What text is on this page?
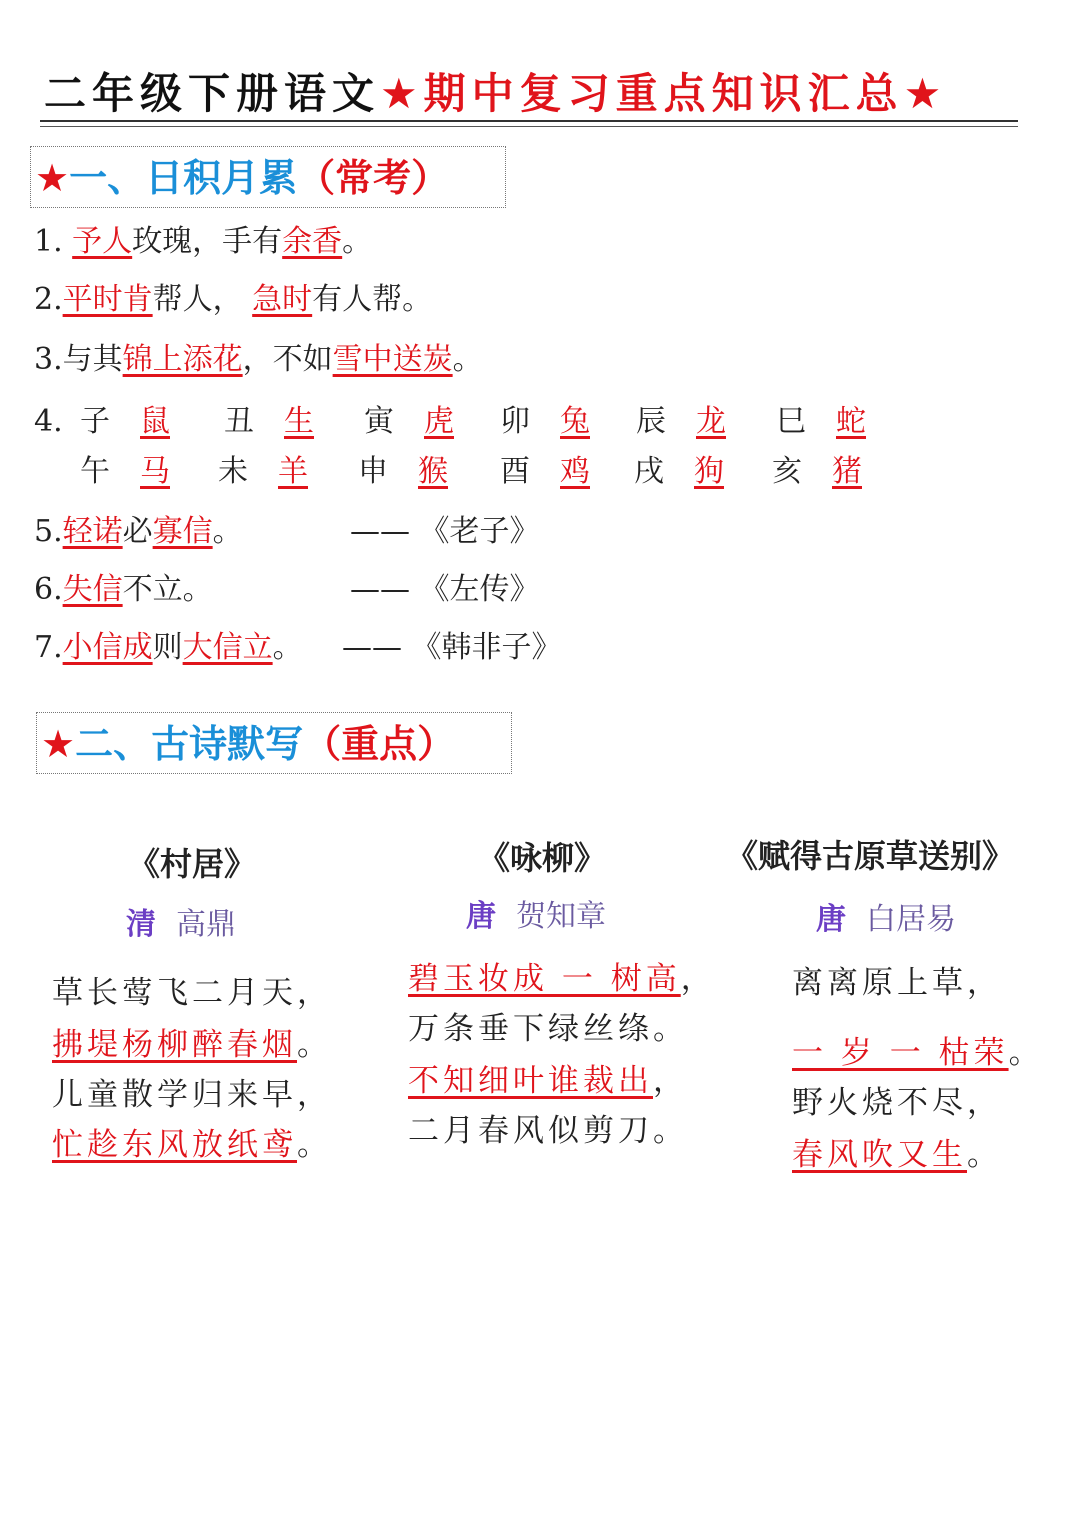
二年级下册语文★期中复习重点知识汇总★
★一、日积月累（常考）
1. 予人玫瑰，手有余香。
2.平时肯帮人， 急时有人帮。
3.与其锦上添花，不如雪中送炭。
4. 子 鼠 丑 生 寅 虎 卯 兔 辰 龙 巳 蛇
午 马 未 羊 申 猴 酉 鸡 戌 狗 亥 猪
5.轻诺必寡信。	—— 《老子》
6.失信不立。	—— 《左传》
7.小信成则大信立。 —— 《韩非子》
★二、古诗默写（重点）
《村居》
清 高鼎
草长莺飞二月天，
拂堤杨柳醉春烟。
儿童散学归来早，
忙趁东风放纸鸢。
《咏柳》
唐 贺知章
碧玉妆成 一 树高，
万条垂下绿丝绦。
不知细叶谁裁出，
二月春风似剪刀。
《赋得古原草送别》
唐 白居易
离离原上草，
一 岁 一 枯荣。
野火烧不尽，
春风吹又生。
